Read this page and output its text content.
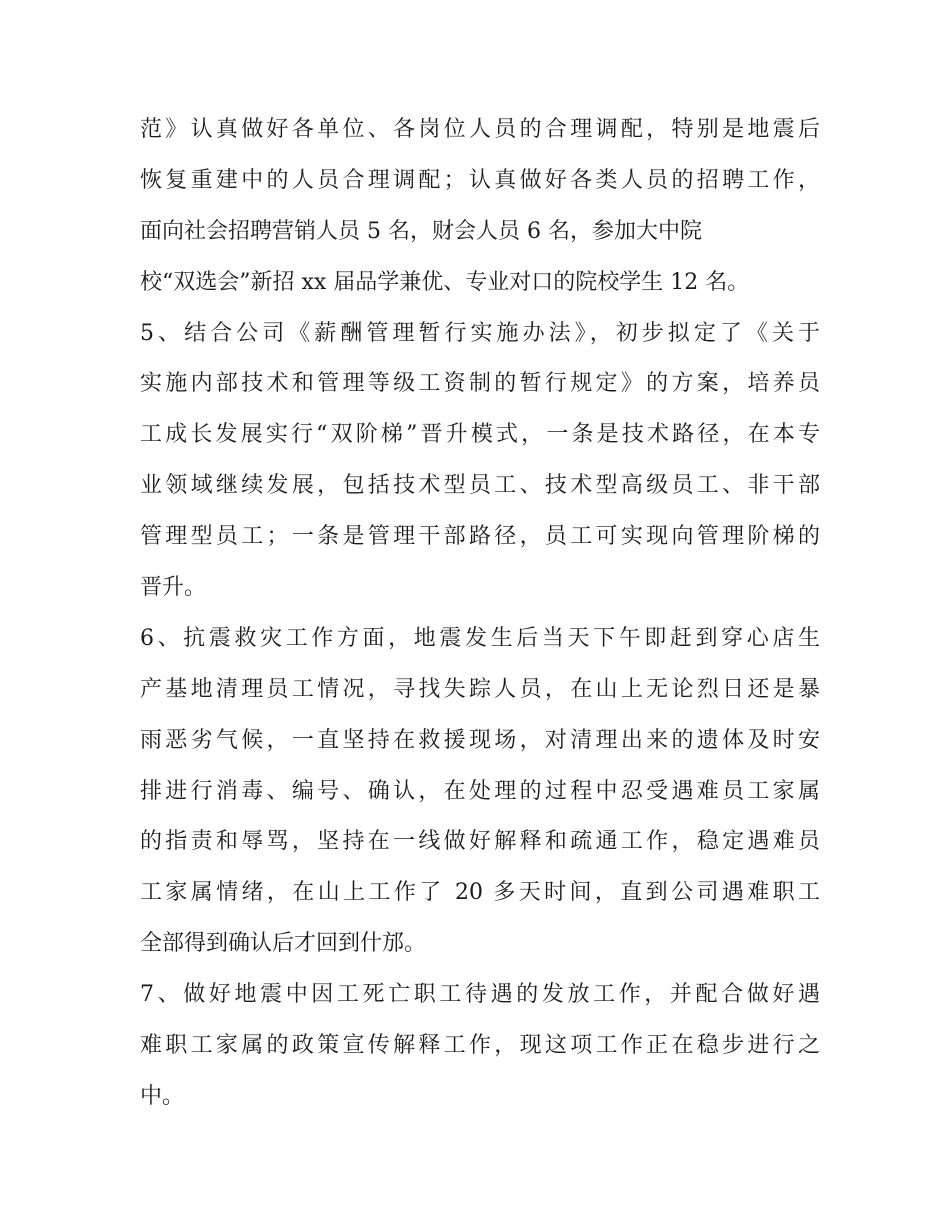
范》认真做好各单位、各岗位人员的合理调配，特别是地震后
恢复重建中的人员合理调配；认真做好各类人员的招聘工作，
面向社会招聘营销人员 5 名，财会人员 6 名，参加大中院
校“双选会”新招 xx 届品学兼优、专业对口的院校学生 12 名。
5、结合公司《薪酬管理暂行实施办法》，初步拟定了《关于
实施内部技术和管理等级工资制的暂行规定》的方案，培养员
工成长发展实行“双阶梯”晋升模式，一条是技术路径，在本专
业领域继续发展，包括技术型员工、技术型高级员工、非干部
管理型员工；一条是管理干部路径，员工可实现向管理阶梯的
晋升。
6、抗震救灾工作方面，地震发生后当天下午即赶到穿心店生
产基地清理员工情况，寻找失踪人员，在山上无论烈日还是暴
雨恶劣气候，一直坚持在救援现场，对清理出来的遗体及时安
排进行消毒、编号、确认，在处理的过程中忍受遇难员工家属
的指责和辱骂，坚持在一线做好解释和疏通工作，稳定遇难员
工家属情绪，在山上工作了 20 多天时间，直到公司遇难职工
全部得到确认后才回到什邡。
7、做好地震中因工死亡职工待遇的发放工作，并配合做好遇
难职工家属的政策宣传解释工作，现这项工作正在稳步进行之
中。
